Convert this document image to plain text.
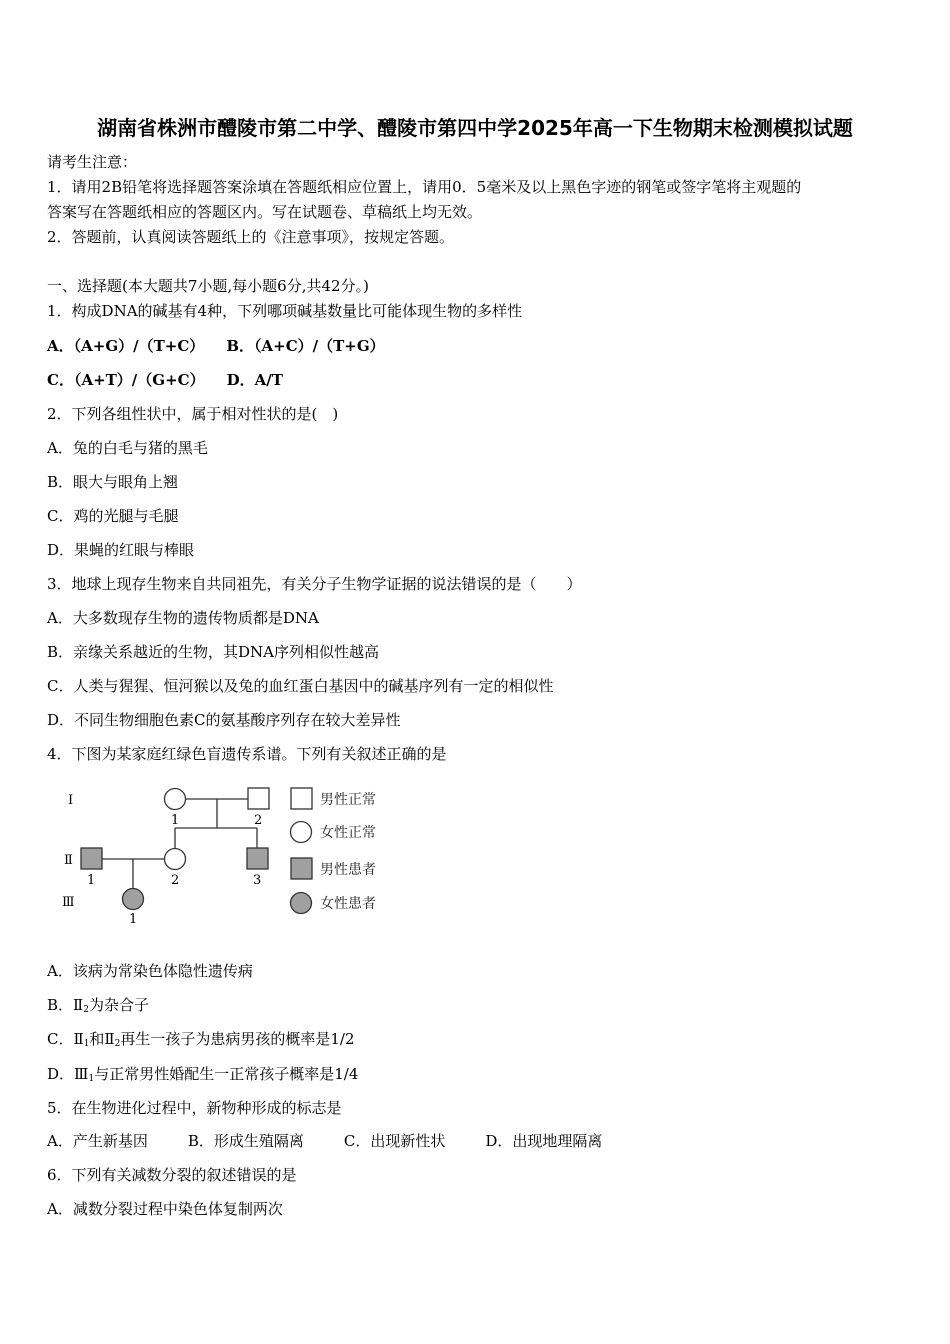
湖南省株洲市醴陵市第二中学、醴陵市第四中学2025年高一下生物期末检测模拟试题
请考生注意：
1．请用2B铅笔将选择题答案涂填在答题纸相应位置上，请用0．5毫米及以上黑色字迹的钢笔或签字笔将主观题的
答案写在答题纸相应的答题区内。写在试题卷、草稿纸上均无效。
2．答题前，认真阅读答题纸上的《注意事项》，按规定答题。
一、选择题(本大题共7小题,每小题6分,共42分。)
1．构成DNA的碱基有4种，下列哪项碱基数量比可能体现生物的多样性
A．（A+G）/（T+C） B．（A+C）/（T+G）
C．（A+T）/（G+C） D．A/T
2．下列各组性状中，属于相对性状的是(　)
A．兔的白毛与猪的黑毛
B．眼大与眼角上翘
C．鸡的光腿与毛腿
D．果蝇的红眼与棒眼
3．地球上现存生物来自共同祖先，有关分子生物学证据的说法错误的是（　　）
A．大多数现存生物的遗传物质都是DNA
B．亲缘关系越近的生物，其DNA序列相似性越高
C．人类与猩猩、恒河猴以及兔的血红蛋白基因中的碱基序列有一定的相似性
D．不同生物细胞色素C的氨基酸序列存在较大差异性
4．下图为某家庭红绿色盲遗传系谱。下列有关叙述正确的是
Ⅰ
Ⅱ
Ⅲ
1	2
1	2	3
1
男性正常
女性正常
男性患者
女性患者
A．该病为常染色体隐性遗传病
B．$Ⅱ_2$为杂合子
C．$Ⅱ_1$和$Ⅱ_2$再生一孩子为患病男孩的概率是1/2
D．$Ⅲ_1$与正常男性婚配生一正常孩子概率是1/4
5．在生物进化过程中，新物种形成的标志是
A．产生新基因	B．形成生殖隔离	C．出现新性状	D．出现地理隔离
6．下列有关减数分裂的叙述错误的是
A．减数分裂过程中染色体复制两次
